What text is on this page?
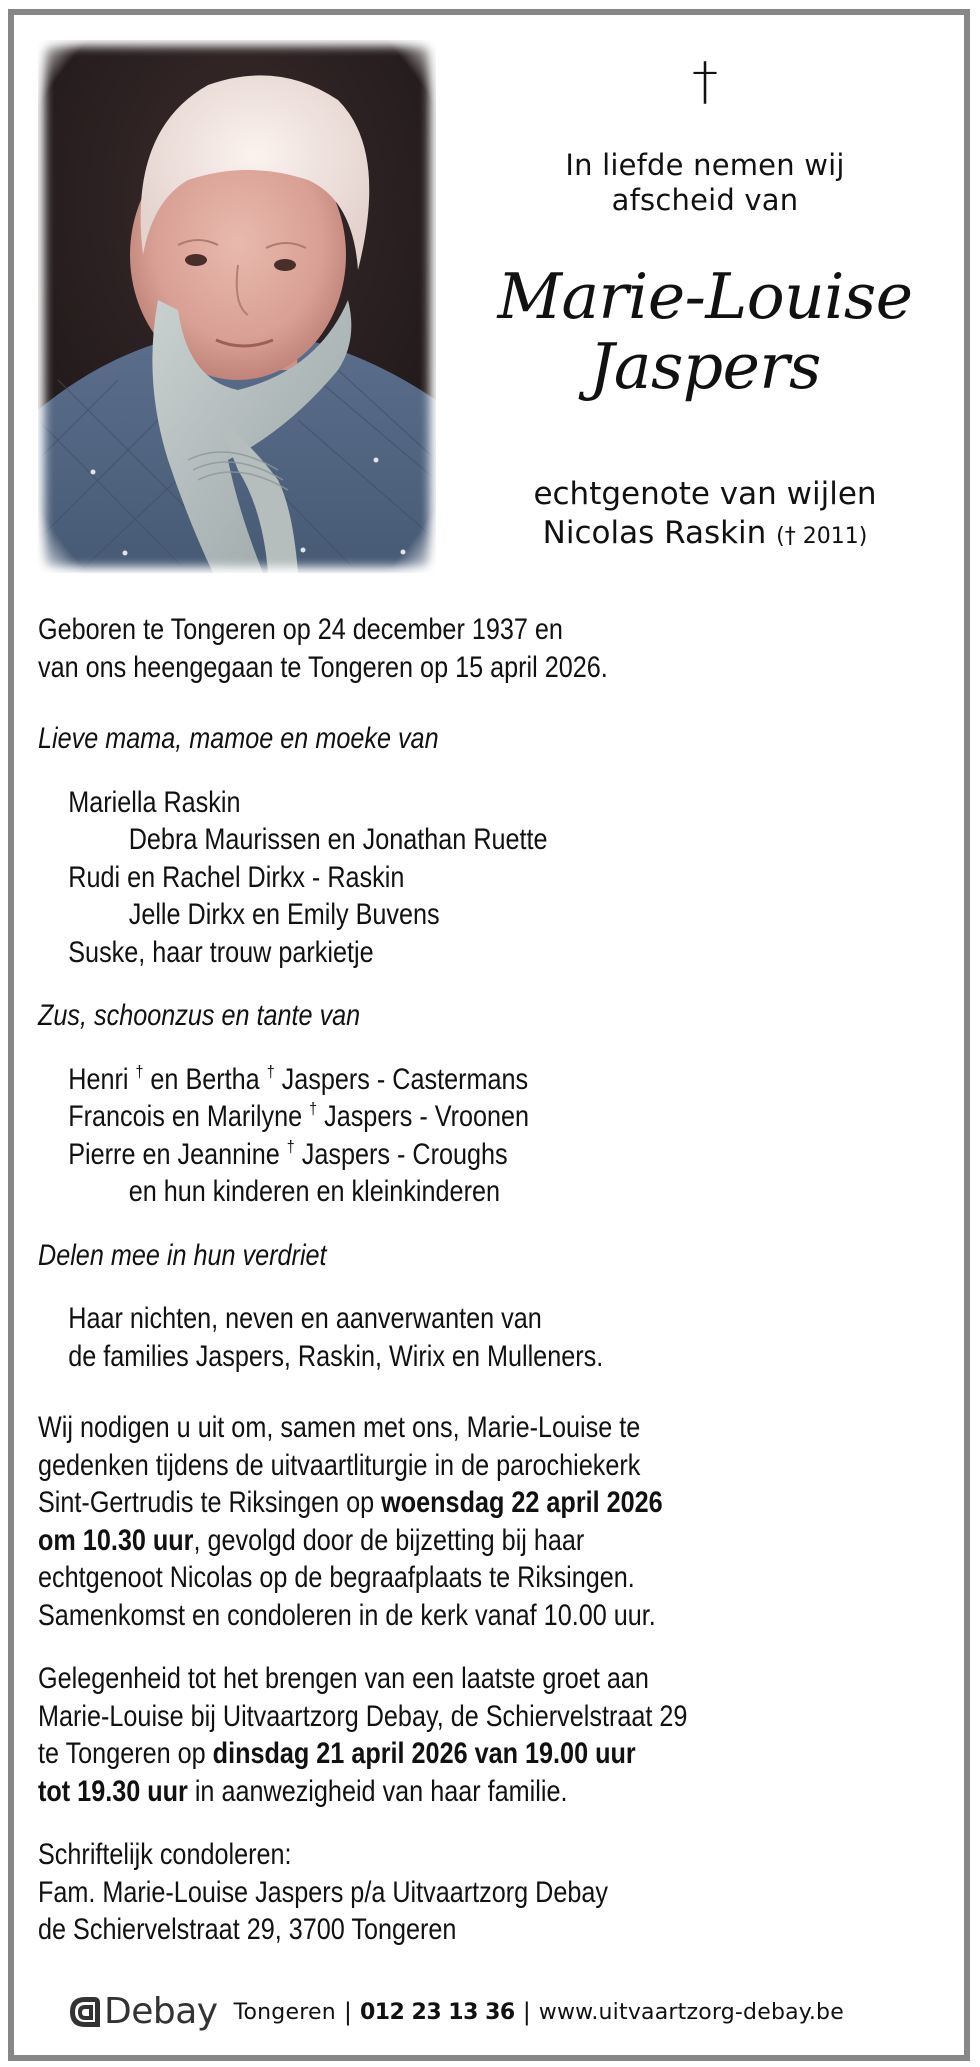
†
In liefde nemen wij
afscheid van
Marie-Louise
Jaspers
echtgenote van wijlen
Nicolas Raskin († 2011)
Geboren te Tongeren op 24 december 1937 en
van ons heengegaan te Tongeren op 15 april 2026.
Lieve mama, mamoe en moeke van
Mariella Raskin
Debra Maurissen en Jonathan Ruette
Rudi en Rachel Dirkx - Raskin
Jelle Dirkx en Emily Buvens
Suske, haar trouw parkietje
Zus, schoonzus en tante van
Henri † en Bertha † Jaspers - Castermans
Francois en Marilyne † Jaspers - Vroonen
Pierre en Jeannine † Jaspers - Croughs
en hun kinderen en kleinkinderen
Delen mee in hun verdriet
Haar nichten, neven en aanverwanten van
de families Jaspers, Raskin, Wirix en Mulleners.
Wij nodigen u uit om, samen met ons, Marie-Louise te
gedenken tijdens de uitvaartliturgie in de parochiekerk
Sint-Gertrudis te Riksingen op woensdag 22 april 2026
om 10.30 uur, gevolgd door de bijzetting bij haar
echtgenoot Nicolas op de begraafplaats te Riksingen.
Samenkomst en condoleren in de kerk vanaf 10.00 uur.
Gelegenheid tot het brengen van een laatste groet aan
Marie-Louise bij Uitvaartzorg Debay, de Schiervelstraat 29
te Tongeren op dinsdag 21 april 2026 van 19.00 uur
tot 19.30 uur in aanwezigheid van haar familie.
Schriftelijk condoleren:
Fam. Marie-Louise Jaspers p/a Uitvaartzorg Debay
de Schiervelstraat 29, 3700 Tongeren
Debay Tongeren | 012 23 13 36 | www.uitvaartzorg-debay.be
